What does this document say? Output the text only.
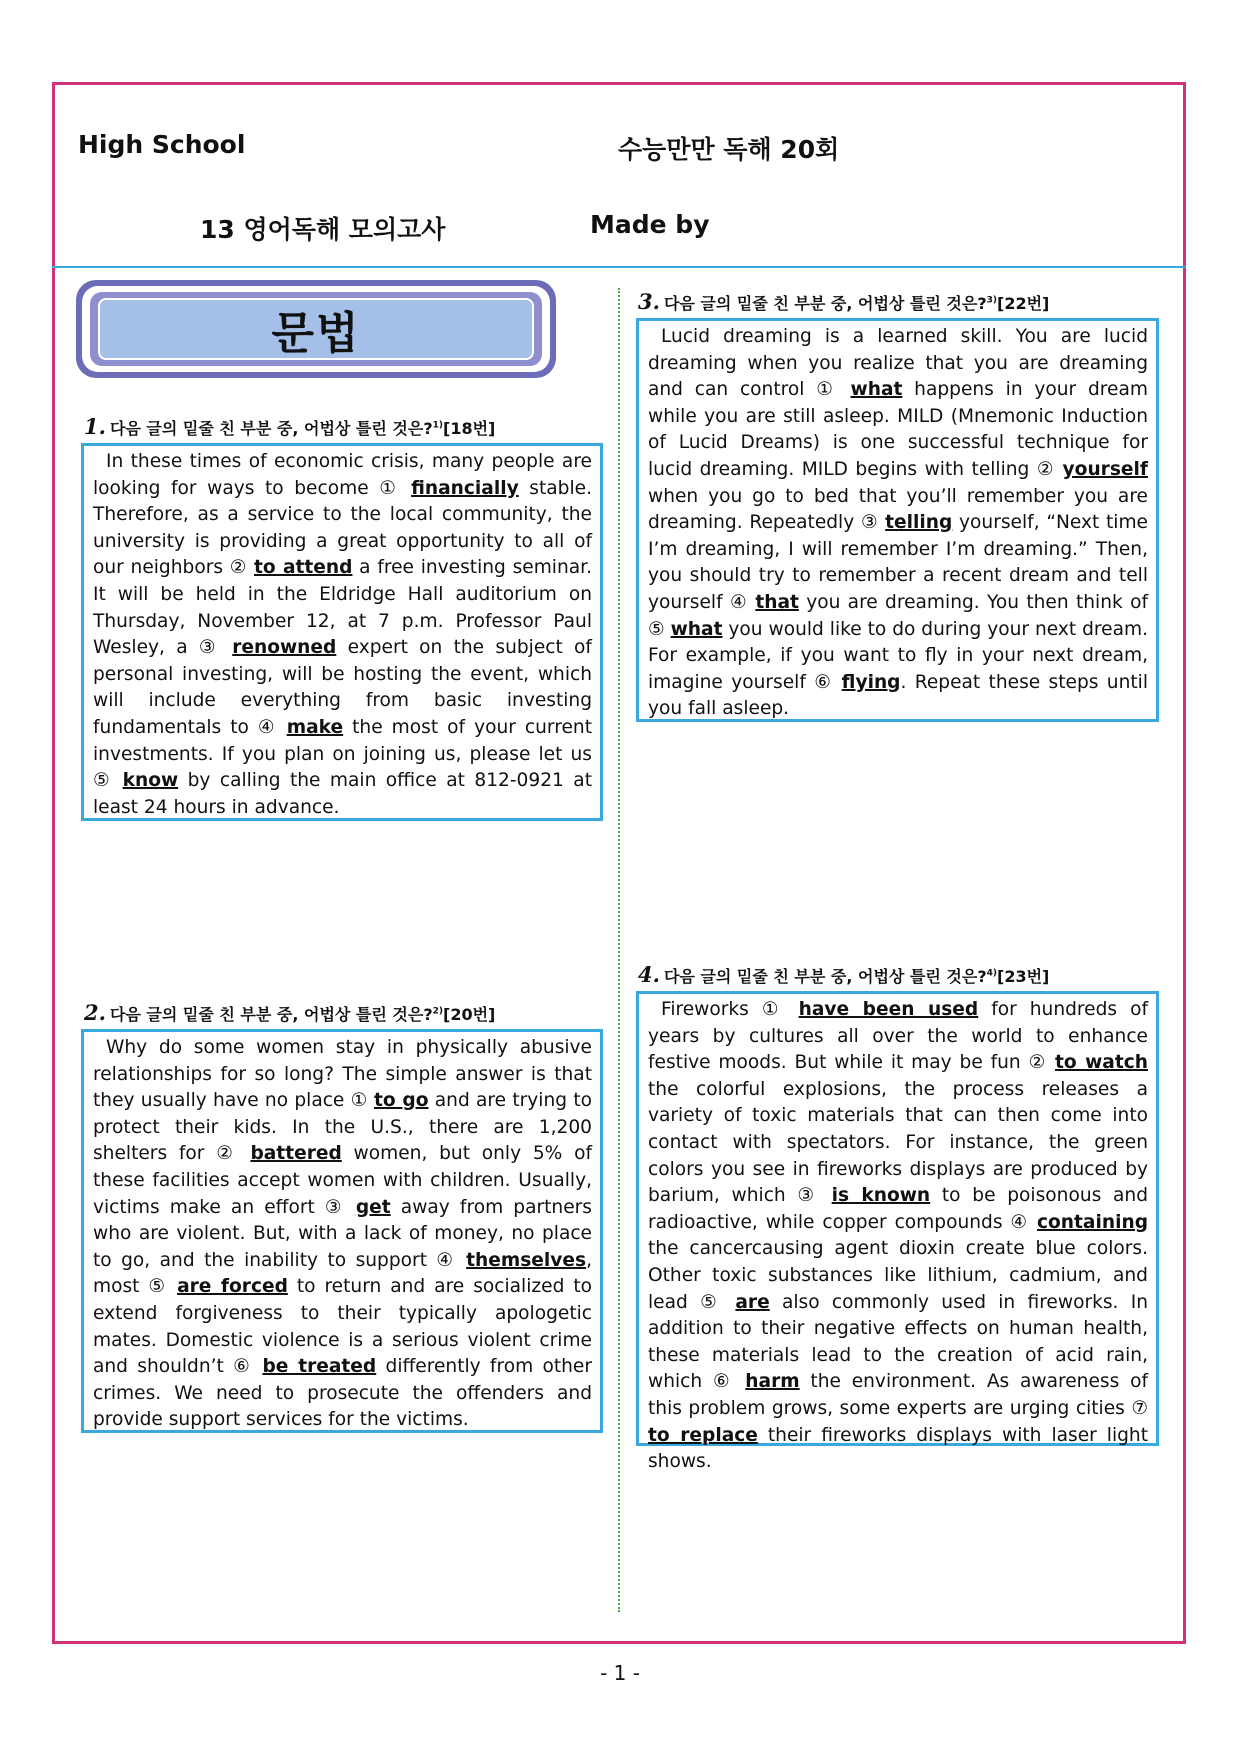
High School	수능만만 독해 20회
13 영어독해 모의고사	Made by
문법
1. 다음 글의 밑줄 친 부분 중, 어법상 틀린 것은?$^{1)}$[18번]
In these times of economic crisis, many people are looking for ways to become ① financially stable. Therefore, as a service to the local community, the university is providing a great opportunity to all of our neighbors ② to attend a free investing seminar. It will be held in the Eldridge Hall auditorium on Thursday, November 12, at 7 p.m. Professor Paul Wesley, a ③ renowned expert on the subject of personal investing, will be hosting the event, which will include everything from basic investing fundamentals to ④ make the most of your current investments. If you plan on joining us, please let us ⑤ know by calling the main office at 812-0921 at least 24 hours in advance.
2. 다음 글의 밑줄 친 부분 중, 어법상 틀린 것은?$^{2)}$[20번]
Why do some women stay in physically abusive relationships for so long? The simple answer is that they usually have no place ① to go and are trying to protect their kids. In the U.S., there are 1,200 shelters for ② battered women, but only 5% of these facilities accept women with children. Usually, victims make an effort ③ get away from partners who are violent. But, with a lack of money, no place to go, and the inability to support ④ themselves, most ⑤ are forced to return and are socialized to extend forgiveness to their typically apologetic mates. Domestic violence is a serious violent crime and shouldn’t ⑥ be treated differently from other crimes. We need to prosecute the offenders and provide support services for the victims.
3. 다음 글의 밑줄 친 부분 중, 어법상 틀린 것은?$^{3)}$[22번]
Lucid dreaming is a learned skill. You are lucid dreaming when you realize that you are dreaming and can control ① what happens in your dream while you are still asleep. MILD (Mnemonic Induction of Lucid Dreams) is one successful technique for lucid dreaming. MILD begins with telling ② yourself when you go to bed that you’ll remember you are dreaming. Repeatedly ③ telling yourself, “Next time I’m dreaming, I will remember I’m dreaming.” Then, you should try to remember a recent dream and tell yourself ④ that you are dreaming. You then think of ⑤ what you would like to do during your next dream. For example, if you want to fly in your next dream, imagine yourself ⑥ flying. Repeat these steps until you fall asleep.
4. 다음 글의 밑줄 친 부분 중, 어법상 틀린 것은?$^{4)}$[23번]
Fireworks ① have been used for hundreds of years by cultures all over the world to enhance festive moods. But while it may be fun ② to watch the colorful explosions, the process releases a variety of toxic materials that can then come into contact with spectators. For instance, the green colors you see in fireworks displays are produced by barium, which ③ is known to be poisonous and radioactive, while copper compounds ④ containing the cancercausing agent dioxin create blue colors. Other toxic substances like lithium, cadmium, and lead ⑤ are also commonly used in fireworks. In addition to their negative effects on human health, these materials lead to the creation of acid rain, which ⑥ harm the environment. As awareness of this problem grows, some experts are urging cities ⑦ to replace their fireworks displays with laser light shows.
- 1 -
